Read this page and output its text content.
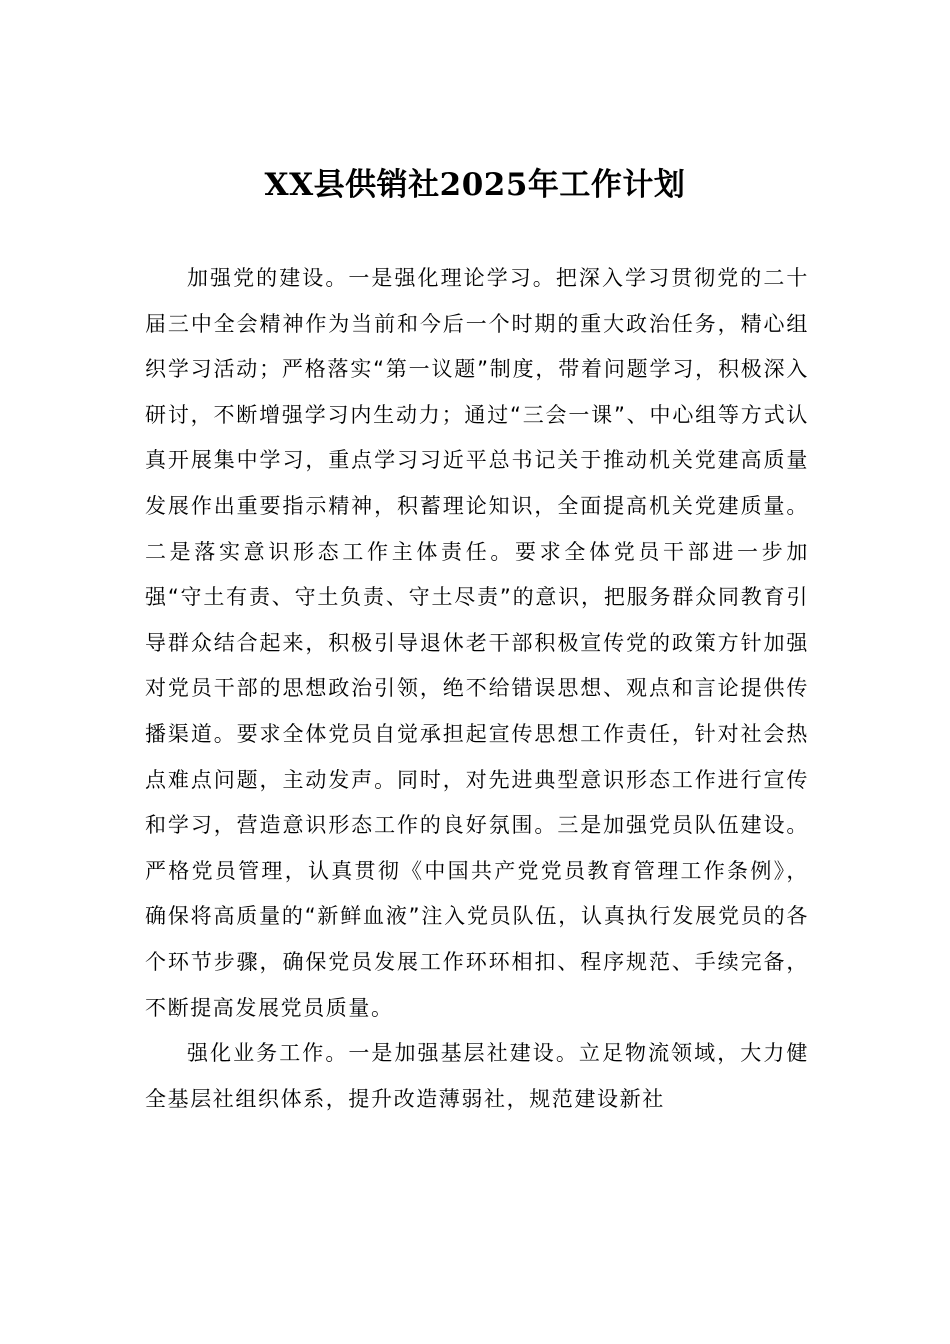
XX县供销社2025年工作计划

加强党的建设。一是强化理论学习。把深入学习贯彻党的二十届三中全会精神作为当前和今后一个时期的重大政治任务，精心组织学习活动；严格落实“第一议题”制度，带着问题学习，积极深入研讨，不断增强学习内生动力；通过“三会一课”、中心组等方式认真开展集中学习，重点学习习近平总书记关于推动机关党建高质量发展作出重要指示精神，积蓄理论知识，全面提高机关党建质量。二是落实意识形态工作主体责任。要求全体党员干部进一步加强“守土有责、守土负责、守土尽责”的意识，把服务群众同教育引导群众结合起来，积极引导退休老干部积极宣传党的政策方针加强对党员干部的思想政治引领，绝不给错误思想、观点和言论提供传播渠道。要求全体党员自觉承担起宣传思想工作责任，针对社会热点难点问题，主动发声。同时，对先进典型意识形态工作进行宣传和学习，营造意识形态工作的良好氛围。三是加强党员队伍建设。严格党员管理，认真贯彻《中国共产党党员教育管理工作条例》，确保将高质量的“新鲜血液”注入党员队伍，认真执行发展党员的各个环节步骤，确保党员发展工作环环相扣、程序规范、手续完备，不断提高发展党员质量。

强化业务工作。一是加强基层社建设。立足物流领域，大力健全基层社组织体系，提升改造薄弱社，规范建设新社
